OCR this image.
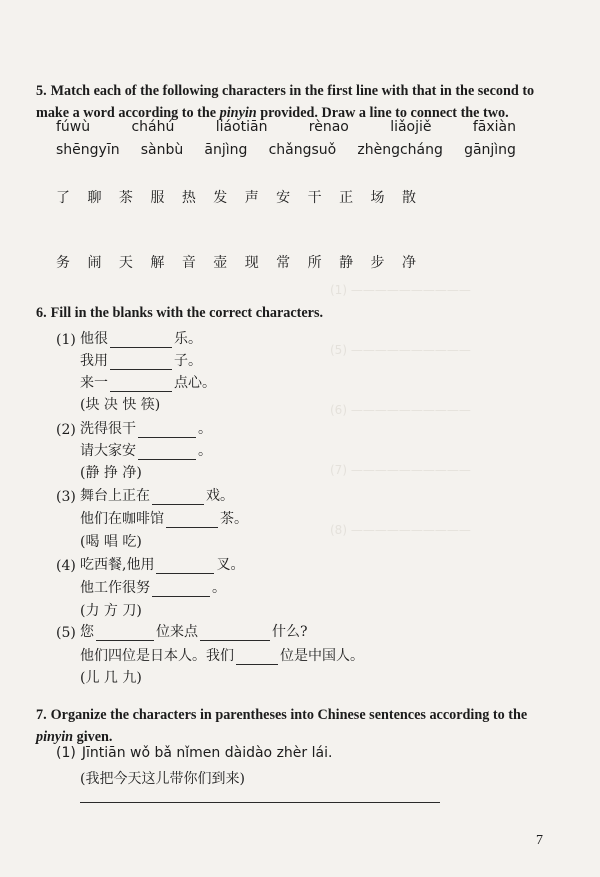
(1) ——————————
(5) ——————————
(6) ——————————
(7) ——————————
(8) ——————————
5. Match each of the following characters in the first line with that in the second to make a word according to the pinyin provided. Draw a line to connect the two.
fúwù	cháhú	liáotiān	rènao	liǎojiě	fāxiàn
shēngyīn sànbù ānjìng chǎngsuǒ zhèngcháng gānjìng
了 聊 茶 服 热 发 声 安 干 正 场 散
务 闹 天 解 音 壶 现 常 所 静 步 净
6. Fill in the blanks with the correct characters.
(1) 他很	乐。
我用	子。
来一	点心。
(块 决 快 筷)
(2) 洗得很干	。
请大家安	。
(静 挣 净)
(3) 舞台上正在	戏。
他们在咖啡馆	茶。
(喝 唱 吃)
(4) 吃西餐,他用	叉。
他工作很努	。
(力 方 刀)
(5) 您	位来点	什么?
他们四位是日本人。我们	位是中国人。
(儿 几 九)
7. Organize the characters in parentheses into Chinese sentences according to the pinyin given.
(1) Jīntiān wǒ bǎ nǐmen dàidào zhèr lái.
(我把今天这儿带你们到来)
7
